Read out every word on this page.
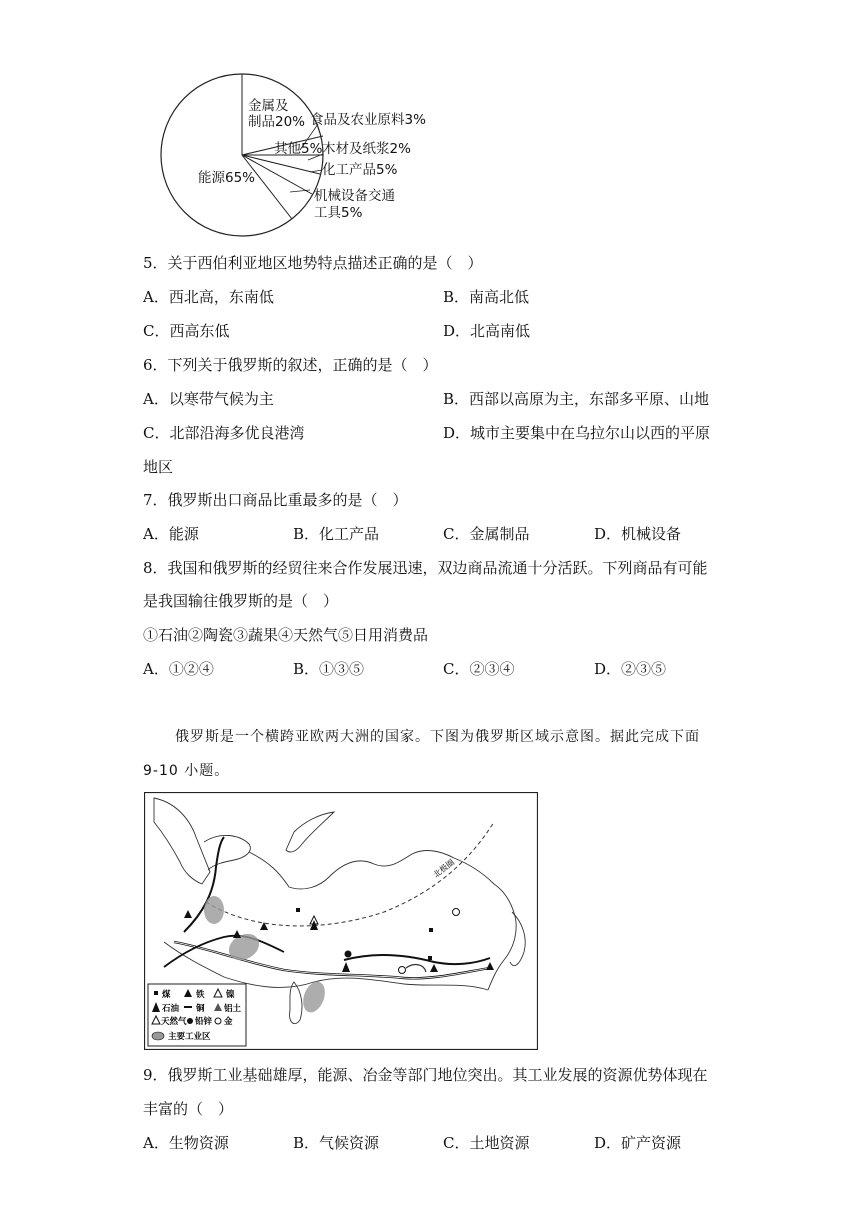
金属及
制品20%
其他5%
能源65%
食品及农业原料3%
木材及纸浆2%
化工产品5%
机械设备交通
工具5%
5．关于西伯利亚地区地势特点描述正确的是（　）
A．西北高，东南低	B．南高北低
C．西高东低	D．北高南低
6．下列关于俄罗斯的叙述，正确的是（　）
A．以寒带气候为主	B．西部以高原为主，东部多平原、山地
C．北部沿海多优良港湾	D．城市主要集中在乌拉尔山以西的平原
地区
7．俄罗斯出口商品比重最多的是（　）
A．能源	B．化工产品	C．金属制品	D．机械设备
8．我国和俄罗斯的经贸往来合作发展迅速，双边商品流通十分活跃。下列商品有可能
是我国输往俄罗斯的是（　）
①石油②陶瓷③蔬果④天然气⑤日用消费品
A．①②④	B．①③⑤	C．②③④	D．②③⑤
俄罗斯是一个横跨亚欧两大洲的国家。下图为俄罗斯区域示意图。据此完成下面
9-10 小题。
北极圈
煤	铁	镍
石油 铜 铝土
天然气 铅锌 金
主要工业区
9．俄罗斯工业基础雄厚，能源、冶金等部门地位突出。其工业发展的资源优势体现在
丰富的（　）
A．生物资源	B．气候资源	C．土地资源	D．矿产资源
